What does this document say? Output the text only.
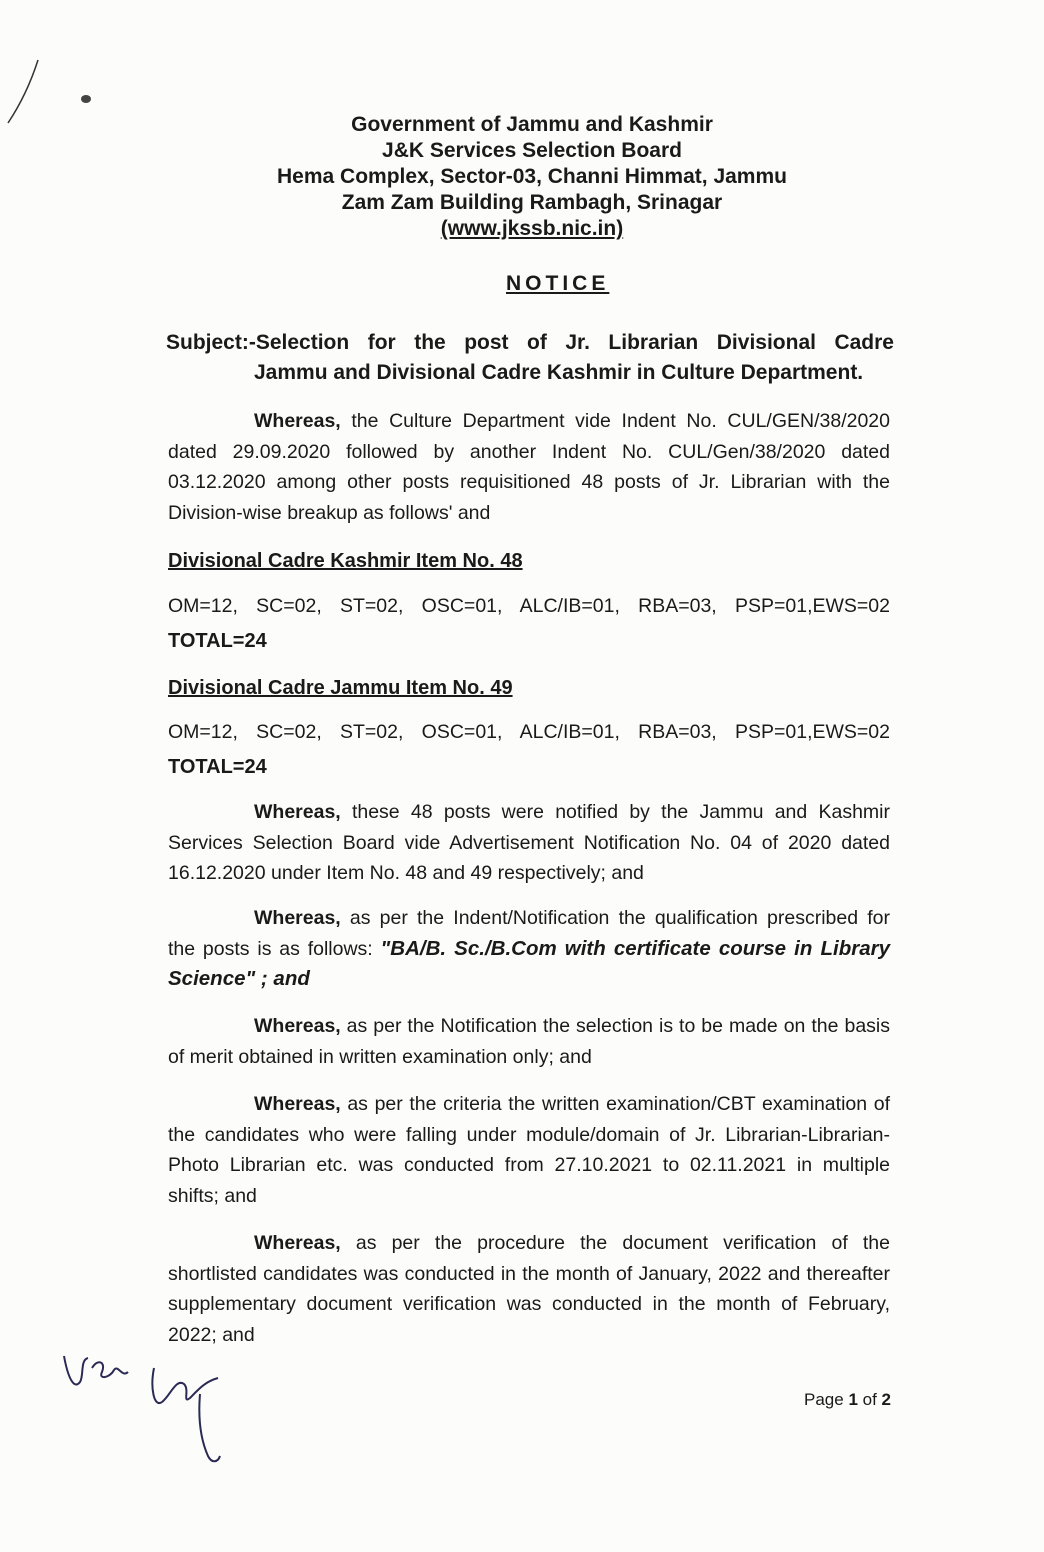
Government of Jammu and Kashmir
J&K Services Selection Board
Hema Complex, Sector-03, Channi Himmat, Jammu
Zam Zam Building Rambagh, Srinagar
(www.jkssb.nic.in)
NOTICE
Subject:-Selection for the post of Jr. Librarian Divisional Cadre
Jammu and Divisional Cadre Kashmir in Culture Department.
Whereas, the Culture Department vide Indent No. CUL/GEN/38/2020 dated 29.09.2020 followed by another Indent No. CUL/Gen/38/2020 dated 03.12.2020 among other posts requisitioned 48 posts of Jr. Librarian with the Division-wise breakup as follows' and
Divisional Cadre Kashmir Item No. 48
OM=12, SC=02, ST=02, OSC=01, ALC/IB=01, RBA=03, PSP=01,EWS=02
TOTAL=24
Divisional Cadre Jammu Item No. 49
OM=12, SC=02, ST=02, OSC=01, ALC/IB=01, RBA=03, PSP=01,EWS=02
TOTAL=24
Whereas, these 48 posts were notified by the Jammu and Kashmir Services Selection Board vide Advertisement Notification No. 04 of 2020 dated 16.12.2020 under Item No. 48 and 49 respectively; and
Whereas, as per the Indent/Notification the qualification prescribed for the posts is as follows: "BA/B. Sc./B.Com with certificate course in Library Science" ; and
Whereas, as per the Notification the selection is to be made on the basis of merit obtained in written examination only; and
Whereas, as per the criteria the written examination/CBT examination of the candidates who were falling under module/domain of Jr. Librarian-Librarian-Photo Librarian etc. was conducted from 27.10.2021 to 02.11.2021 in multiple shifts; and
Whereas, as per the procedure the document verification of the shortlisted candidates was conducted in the month of January, 2022 and thereafter supplementary document verification was conducted in the month of February, 2022; and
Page 1 of 2
